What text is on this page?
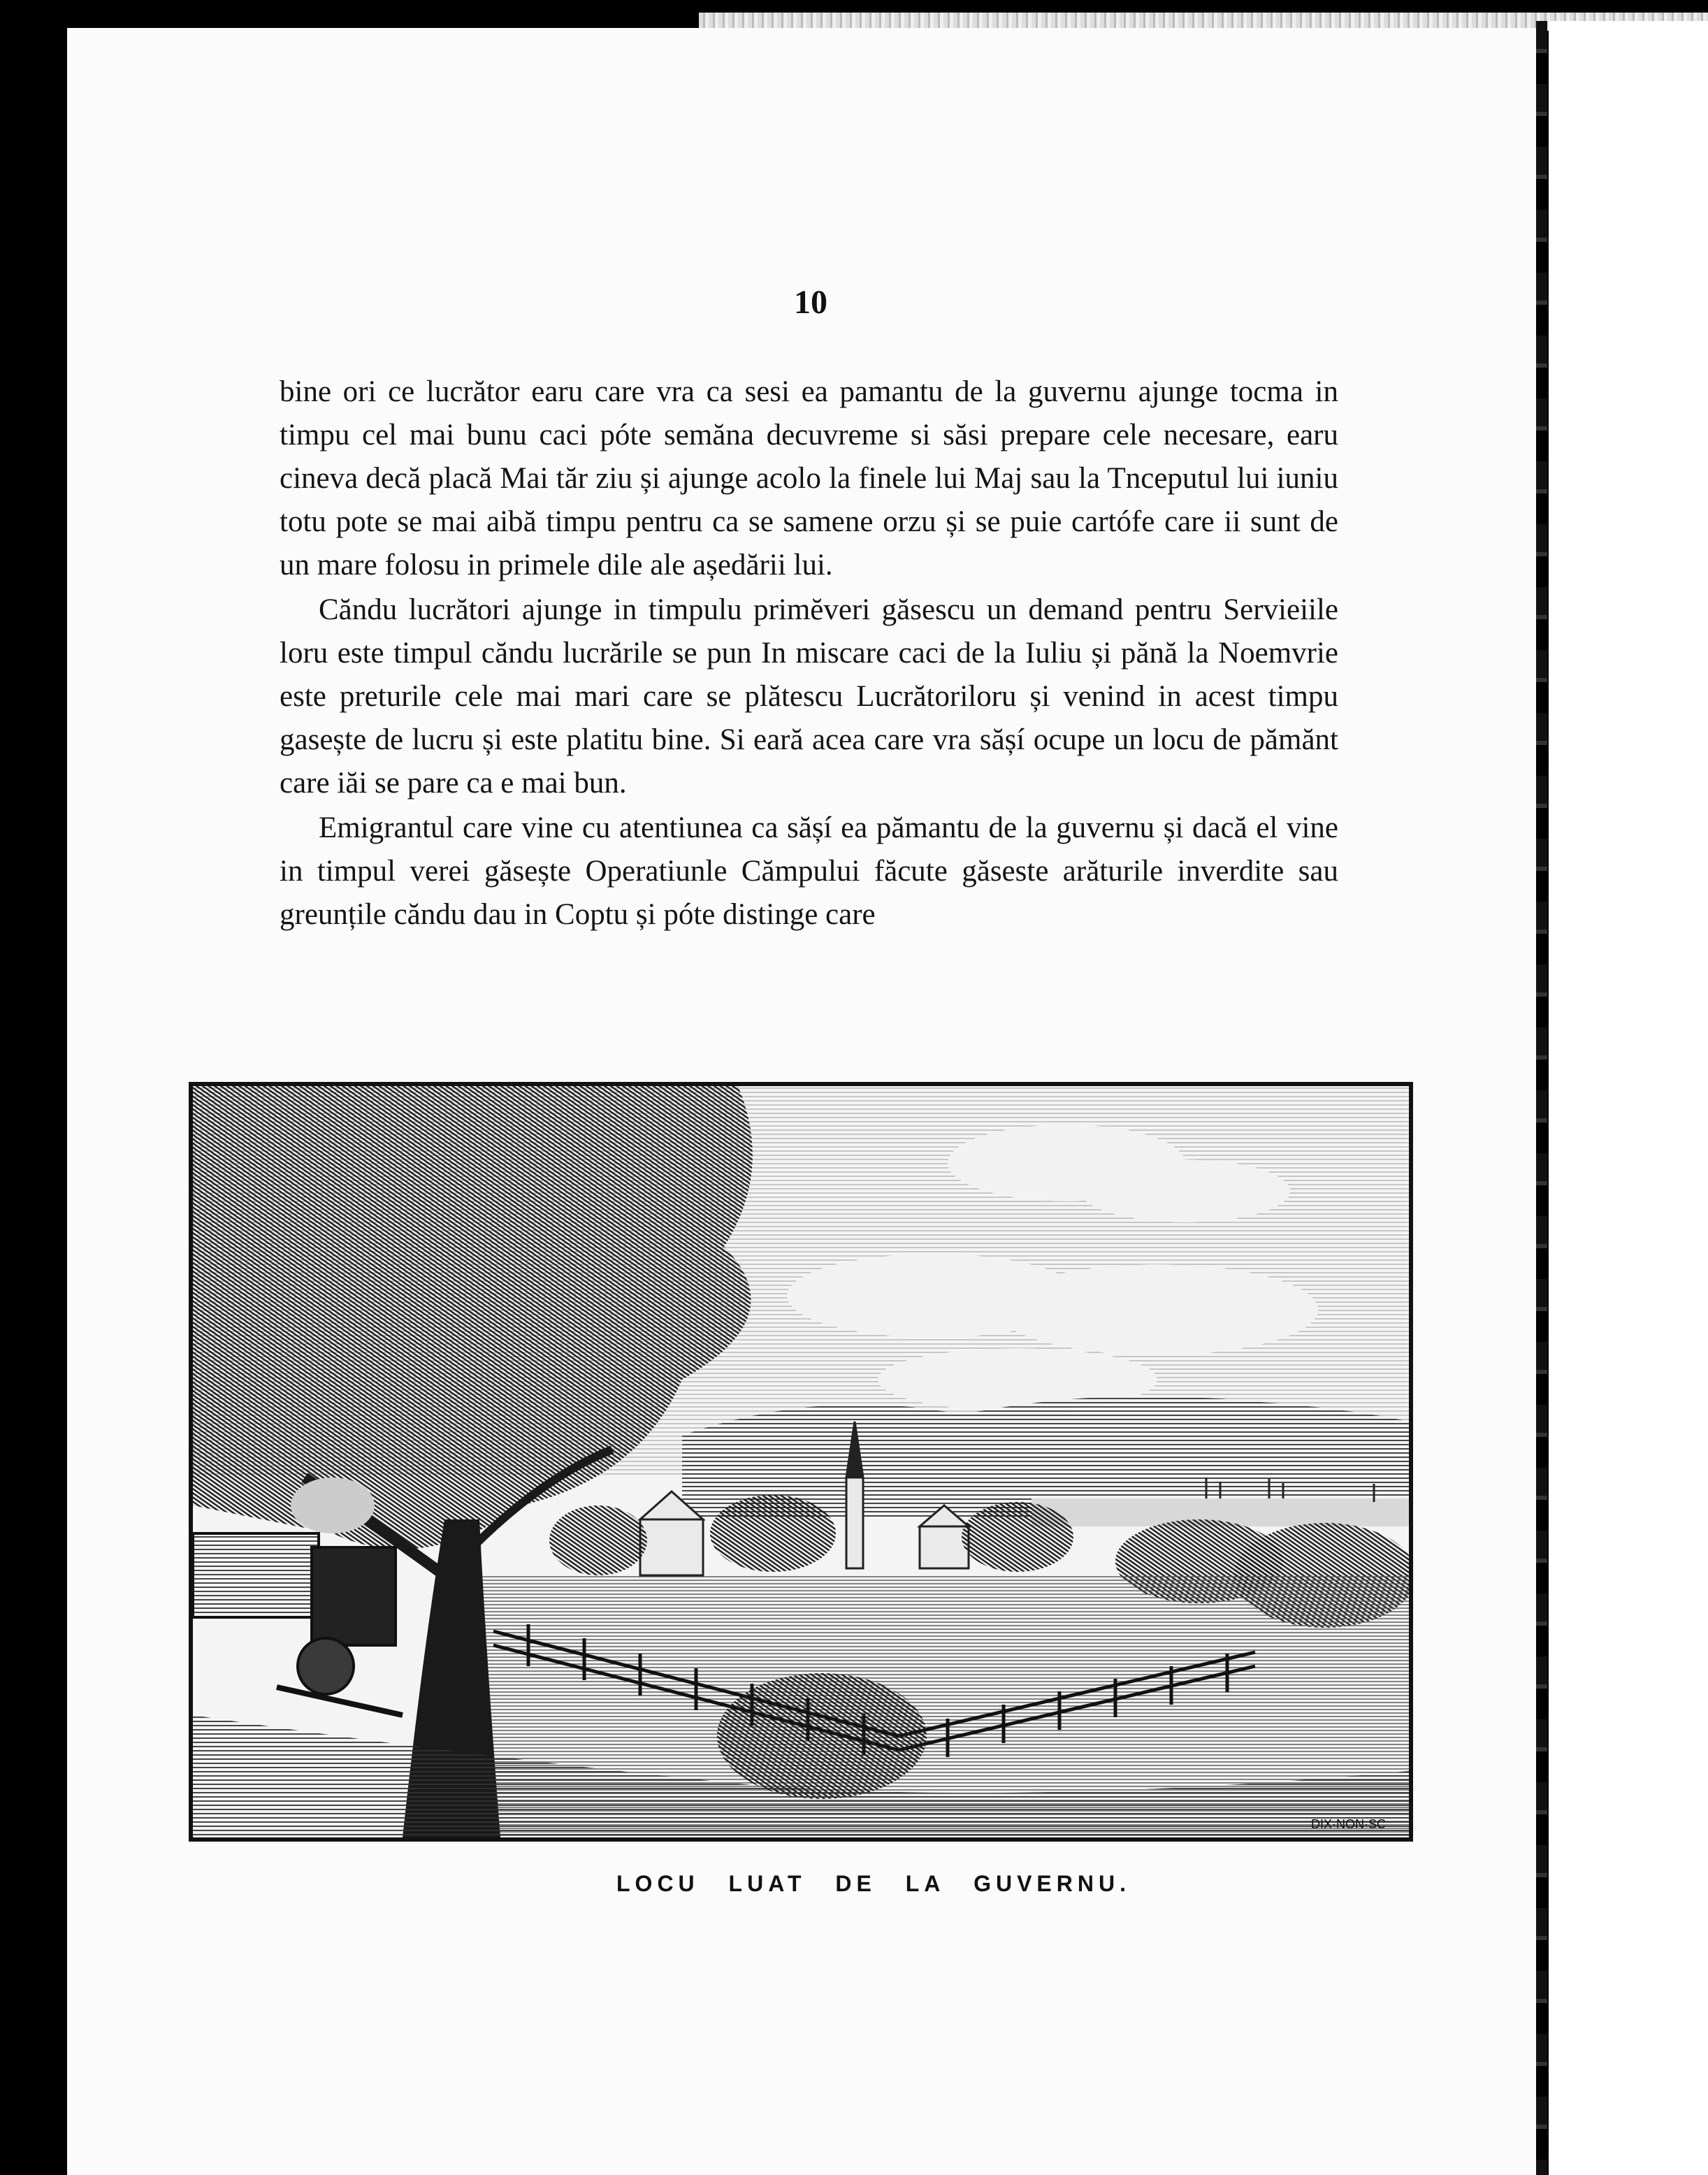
10

bine ori ce lucrător earu care vra ca sesi ea pamantu de la guvernu ajunge tocma in timpu cel mai bunu caci póte semăna decuvreme si săsi prepare cele necesare, earu cineva decă placă Mai tăr ziu și ajunge acolo la finele lui Maj sau la Tnceputul lui iuniu totu pote se mai aibă timpu pentru ca se samene orzu și se puie cartófe care ii sunt de un mare folosu in primele dile ale aședării lui.

Căndu lucrători ajunge in timpulu primĕveri găsescu un demand pentru Servieiile loru este timpul căndu lucrările se pun In miscare caci de la Iuliu și pănă la Noemvrie este preturile cele mai mari care se plătescu Lucrătoriloru și venind in acest timpu gasește de lucru și este platitu bine. Si eară acea care vra sășí ocupe un locu de pămănt care iăi se pare ca e mai bun.

Emigrantul care vine cu atentiunea ca sășí ea pămantu de la guvernu și dacă el vine in timpul verei găsește Operatiunle Cămpului făcute găseste arăturile inverdite sau greunțile căndu dau in Coptu și póte distinge care

DIX·NON·SC
LOCU LUAT DE LA GUVERNU.
